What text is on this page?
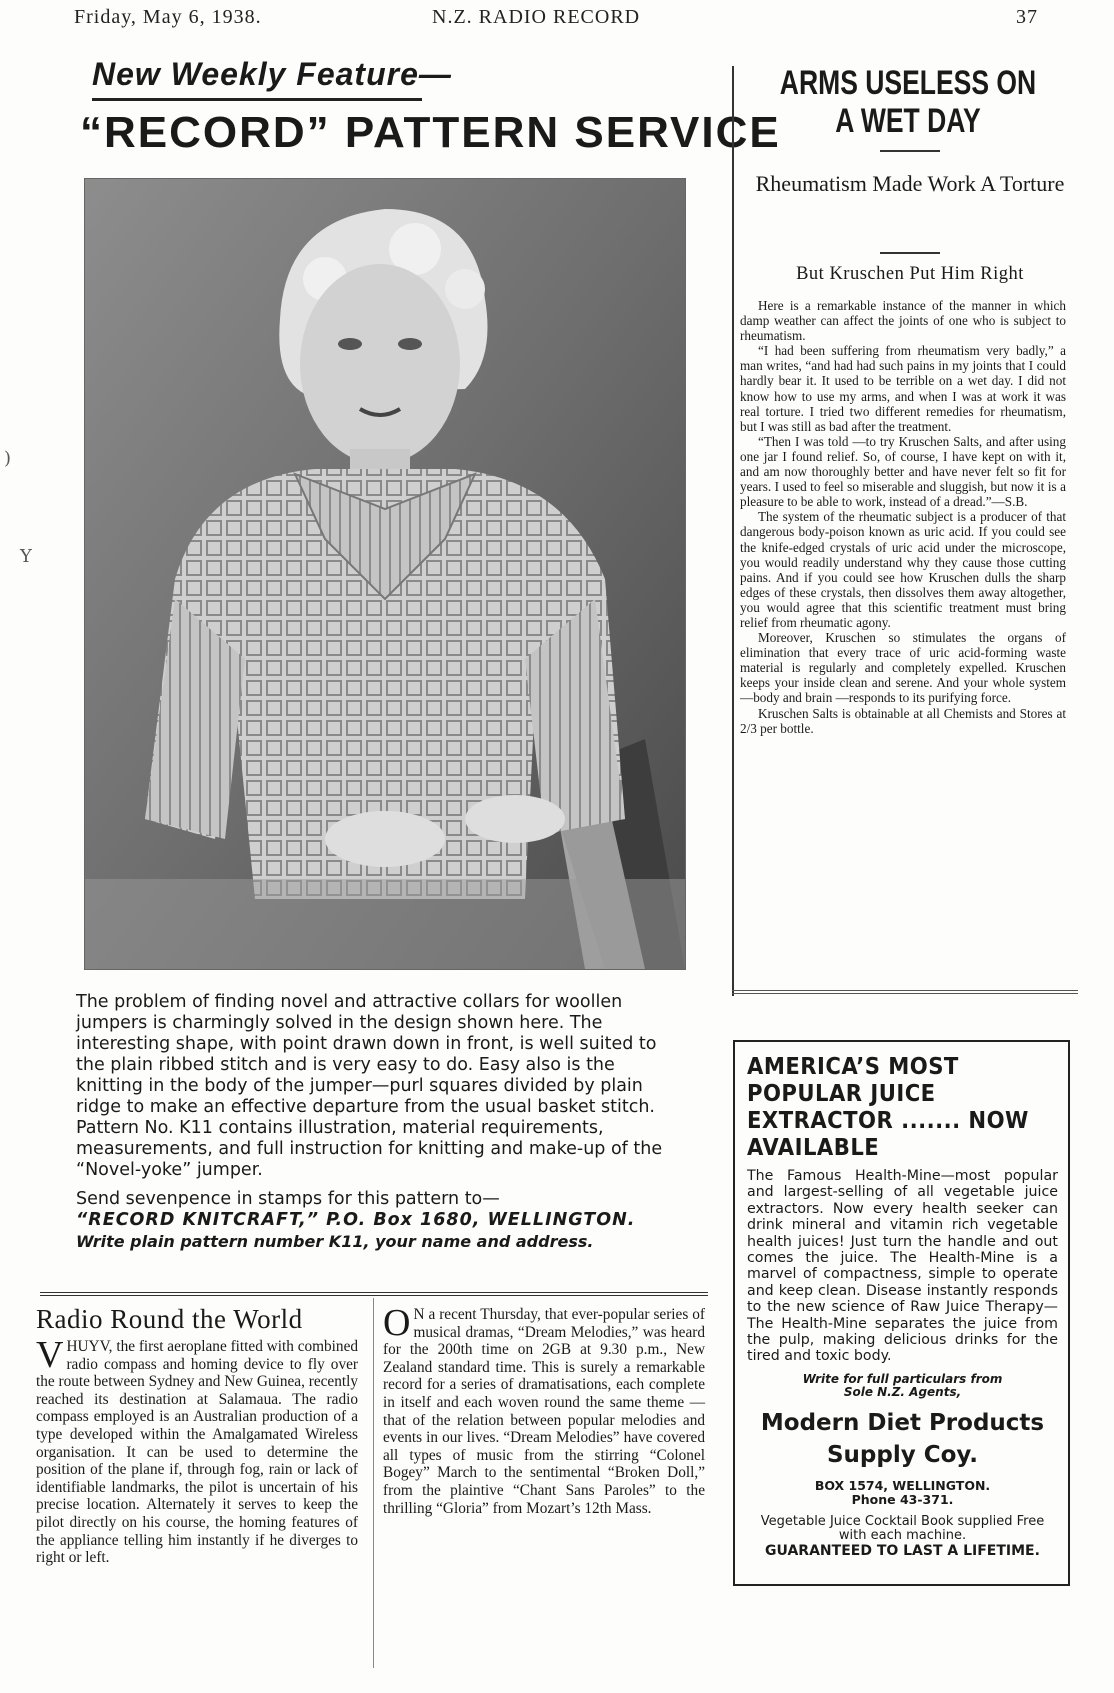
Friday, May 6, 1938.	N.Z. RADIO RECORD	37
)
Y
New Weekly Feature—
“RECORD” PATTERN SERVICE

The problem of finding novel and attractive collars for woollen jumpers is charmingly solved in the design shown here. The interesting shape, with point drawn down in front, is well suited to the plain ribbed stitch and is very easy to do. Easy also is the knitting in the body of the jumper—purl squares divided by plain ridge to make an effective departure from the usual basket stitch.

Pattern No. K11 contains illustration, material requirements, measurements, and full instruction for knitting and make-up of the “Novel-yoke” jumper.

Send sevenpence in stamps for this pattern to—

“RECORD KNITCRAFT,” P.O. Box 1680, WELLINGTON.

Write plain pattern number K11, your name and address.

Radio Round the World

VHUYV, the first aeroplane fitted with combined radio compass and homing device to fly over the route between Sydney and New Guinea, recently reached its destination at Salamaua. The radio compass employed is an Australian production of a type developed within the Amalgamated Wireless organisation. It can be used to determine the position of the plane if, through fog, rain or lack of identifiable landmarks, the pilot is uncertain of his precise location. Alternately it serves to keep the pilot directly on his course, the homing features of the appliance telling him instantly if he diverges to right or left.

O N a recent Thursday, that ever-popular series of musical dramas, “Dream Melodies,” was heard for the 200th time on 2GB at 9.30 p.m., New Zealand standard time. This is surely a remarkable record for a series of dramatisations, each complete in itself and each woven round the same theme —that of the relation between popular melodies and events in our lives. “Dream Melodies” have covered all types of music from the stirring “Colonel Bogey” March to the sentimental “Broken Doll,” from the plaintive “Chant Sans Paroles” to the thrilling “Gloria” from Mozart’s 12th Mass.

ARMS USELESS ON A WET DAY
Rheumatism Made Work A Torture
But Kruschen Put Him Right

Here is a remarkable instance of the manner in which damp weather can affect the joints of one who is subject to rheumatism.

“I had been suffering from rheumatism very badly,” a man writes, “and had had such pains in my joints that I could hardly bear it. It used to be terrible on a wet day. I did not know how to use my arms, and when I was at work it was real torture. I tried two different remedies for rheumatism, but I was still as bad after the treatment.

“Then I was told —to try Kruschen Salts, and after using one jar I found relief. So, of course, I have kept on with it, and am now thoroughly better and have never felt so fit for years. I used to feel so miserable and sluggish, but now it is a pleasure to be able to work, instead of a dread.”—S.B.

The system of the rheumatic subject is a producer of that dangerous body-poison known as uric acid. If you could see the knife-edged crystals of uric acid under the microscope, you would readily understand why they cause those cutting pains. And if you could see how Kruschen dulls the sharp edges of these crystals, then dissolves them away altogether, you would agree that this scientific treatment must bring relief from rheumatic agony.

Moreover, Kruschen so stimulates the organs of elimination that every trace of uric acid-forming waste material is regularly and completely expelled. Kruschen keeps your inside clean and serene. And your whole system—body and brain —responds to its purifying force.

Kruschen Salts is obtainable at all Chemists and Stores at 2/3 per bottle.

AMERICA’S MOST
POPULAR JUICE
EXTRACTOR ....... NOW
AVAILABLE
The Famous Health-Mine—most popular and largest-selling of all vegetable juice extractors. Now every health seeker can drink mineral and vitamin rich vegetable health juices! Just turn the handle and out comes the juice. The Health-Mine is a marvel of compactness, simple to operate and keep clean. Disease instantly responds to the new science of Raw Juice Therapy—The Health-Mine separates the juice from the pulp, making delicious drinks for the tired and toxic body.
Write for full particulars from
Sole N.Z. Agents,
Modern Diet Products
Supply Coy.
BOX 1574, WELLINGTON.
Phone 43-371.
Vegetable Juice Cocktail Book supplied Free with each machine.
GUARANTEED TO LAST A LIFETIME.
